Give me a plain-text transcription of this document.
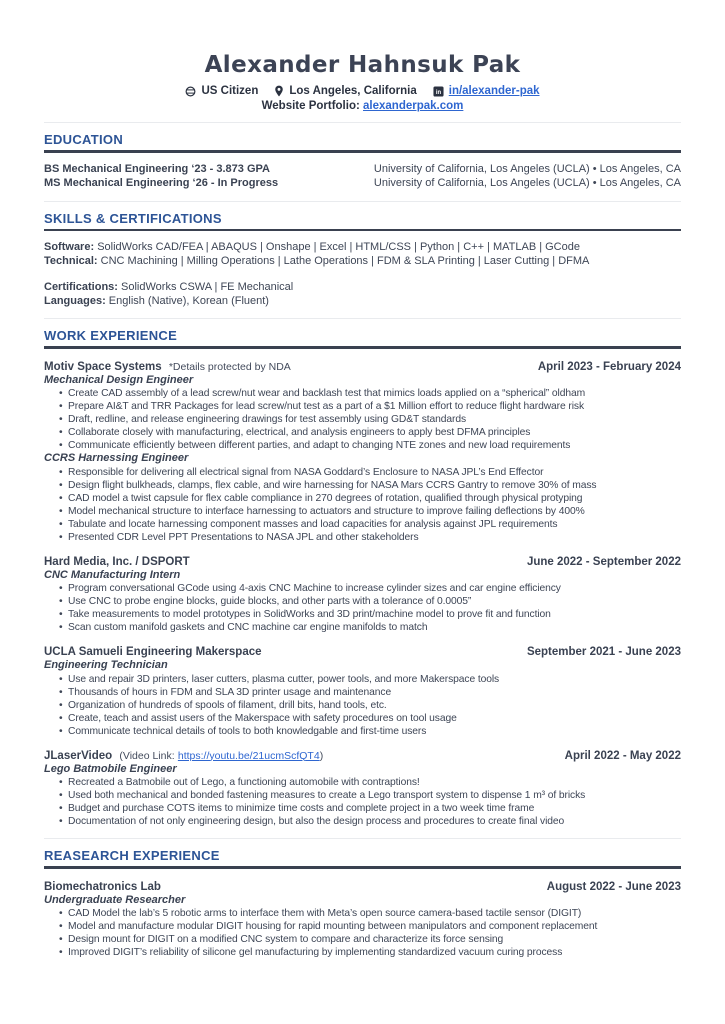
Alexander Hahnsuk Pak
US Citizen	Los Angeles, California in in/alexander-pak
Website Portfolio: alexanderpak.com
EDUCATION
BS Mechanical Engineering ‘23 - 3.873 GPA	University of California, Los Angeles (UCLA) • Los Angeles, CA
MS Mechanical Engineering ‘26 - In Progress	University of California, Los Angeles (UCLA) • Los Angeles, CA
SKILLS & CERTIFICATIONS
Software: SolidWorks CAD/FEA | ABAQUS | Onshape | Excel | HTML/CSS | Python | C++ | MATLAB | GCode
Technical: CNC Machining | Milling Operations | Lathe Operations | FDM & SLA Printing | Laser Cutting | DFMA
Certifications: SolidWorks CSWA | FE Mechanical
Languages: English (Native), Korean (Fluent)
WORK EXPERIENCE
Motiv Space Systems *Details protected by NDA	April 2023 - February 2024
Mechanical Design Engineer
• Create CAD assembly of a lead screw/nut wear and backlash test that mimics loads applied on a “spherical” oldham
• Prepare AI&T and TRR Packages for lead screw/nut test as a part of a $1 Million effort to reduce flight hardware risk
• Draft, redline, and release engineering drawings for test assembly using GD&T standards
• Collaborate closely with manufacturing, electrical, and analysis engineers to apply best DFMA principles
• Communicate efficiently between different parties, and adapt to changing NTE zones and new load requirements
CCRS Harnessing Engineer
• Responsible for delivering all electrical signal from NASA Goddard’s Enclosure to NASA JPL’s End Effector
• Design flight bulkheads, clamps, flex cable, and wire harnessing for NASA Mars CCRS Gantry to remove 30% of mass
• CAD model a twist capsule for flex cable compliance in 270 degrees of rotation, qualified through physical protyping
• Model mechanical structure to interface harnessing to actuators and structure to improve failing deflections by 400%
• Tabulate and locate harnessing component masses and load capacities for analysis against JPL requirements
• Presented CDR Level PPT Presentations to NASA JPL and other stakeholders
Hard Media, Inc. / DSPORT	June 2022 - September 2022
CNC Manufacturing Intern
• Program conversational GCode using 4-axis CNC Machine to increase cylinder sizes and car engine efficiency
• Use CNC to probe engine blocks, guide blocks, and other parts with a tolerance of 0.0005”
• Take measurements to model prototypes in SolidWorks and 3D print/machine model to prove fit and function
• Scan custom manifold gaskets and CNC machine car engine manifolds to match
UCLA Samueli Engineering Makerspace	September 2021 - June 2023
Engineering Technician
• Use and repair 3D printers, laser cutters, plasma cutter, power tools, and more Makerspace tools
• Thousands of hours in FDM and SLA 3D printer usage and maintenance
• Organization of hundreds of spools of filament, drill bits, hand tools, etc.
• Create, teach and assist users of the Makerspace with safety procedures on tool usage
• Communicate technical details of tools to both knowledgable and first-time users
JLaserVideo (Video Link: https://youtu.be/21ucmScfQT4)	April 2022 - May 2022
Lego Batmobile Engineer
• Recreated a Batmobile out of Lego, a functioning automobile with contraptions!
• Used both mechanical and bonded fastening measures to create a Lego transport system to dispense 1 m³ of bricks
• Budget and purchase COTS items to minimize time costs and complete project in a two week time frame
• Documentation of not only engineering design, but also the design process and procedures to create final video
REASEARCH EXPERIENCE
Biomechatronics Lab	August 2022 - June 2023
Undergraduate Researcher
• CAD Model the lab’s 5 robotic arms to interface them with Meta’s open source camera-based tactile sensor (DIGIT)
• Model and manufacture modular DIGIT housing for rapid mounting between manipulators and component replacement
• Design mount for DIGIT on a modified CNC system to compare and characterize its force sensing
• Improved DIGIT’s reliability of silicone gel manufacturing by implementing standardized vacuum curing process
